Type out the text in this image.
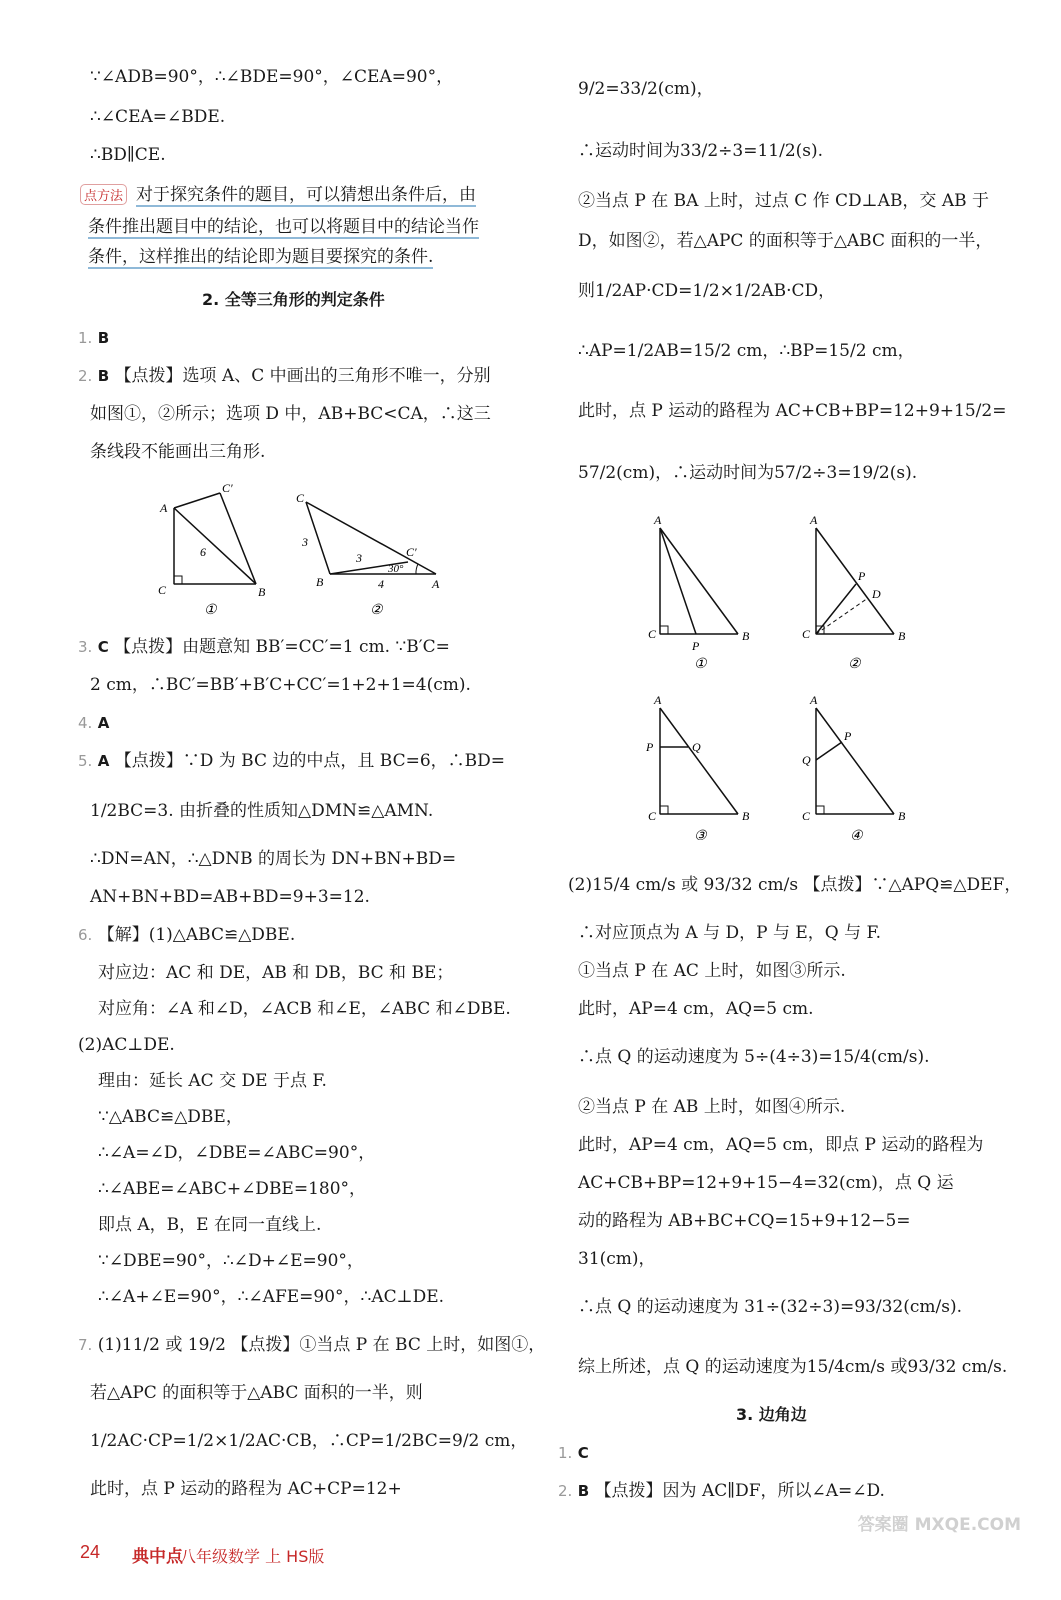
∵∠ADB=90°，∴∠BDE=90°，∠CEA=90°，
∴∠CEA=∠BDE.
∴BD∥CE.
点方法 对于探究条件的题目，可以猜想出条件后，由
条件推出题目中的结论，也可以将题目中的结论当作
条件，这样推出的结论即为题目要探究的条件.
2. 全等三角形的判定条件
1. B
2. B 【点拨】选项 A、C 中画出的三角形不唯一，分别
如图①，②所示；选项 D 中，AB+BC<CA，∴这三
条线段不能画出三角形.
A
C′
C	B
6
①
C
B	A
C′
3
3
4
30°
②
3. C 【点拨】由题意知 BB′=CC′=1 cm. ∵B′C=
2 cm，∴BC′=BB′+B′C+CC′=1+2+1=4(cm).
4. A
5. A 【点拨】∵D 为 BC 边的中点，且 BC=6，∴BD=
1/2BC=3. 由折叠的性质知△DMN≌△AMN.
∴DN=AN，∴△DNB 的周长为 DN+BN+BD=
AN+BN+BD=AB+BD=9+3=12.
6. 【解】(1)△ABC≌△DBE.
对应边：AC 和 DE，AB 和 DB，BC 和 BE；
对应角：∠A 和∠D，∠ACB 和∠E，∠ABC 和∠DBE.
(2)AC⊥DE.
理由：延长 AC 交 DE 于点 F.
∵△ABC≌△DBE，
∴∠A=∠D，∠DBE=∠ABC=90°，
∴∠ABE=∠ABC+∠DBE=180°，
即点 A，B，E 在同一直线上.
∵∠DBE=90°，∴∠D+∠E=90°，
∴∠A+∠E=90°，∴∠AFE=90°，∴AC⊥DE.
7. (1)11/2 或 19/2 【点拨】①当点 P 在 BC 上时，如图①，
若△APC 的面积等于△ABC 面积的一半，则
1/2AC·CP=1/2×1/2AC·CB，∴CP=1/2BC=9/2 cm，
此时，点 P 运动的路程为 AC+CP=12+
9/2=33/2(cm)，
∴运动时间为33/2÷3=11/2(s).
②当点 P 在 BA 上时，过点 C 作 CD⊥AB，交 AB 于
D，如图②，若△APC 的面积等于△ABC 面积的一半，
则1/2AP·CD=1/2×1/2AB·CD，
∴AP=1/2AB=15/2 cm，∴BP=15/2 cm，
此时，点 P 运动的路程为 AC+CB+BP=12+9+15/2=
57/2(cm)，∴运动时间为57/2÷3=19/2(s).
A
C	B
P
①
A
C	B
P
D
②
A
P	Q
C	B
③
A
P
Q
C	B
④
(2)15/4 cm/s 或 93/32 cm/s 【点拨】∵△APQ≌△DEF，
∴对应顶点为 A 与 D，P 与 E，Q 与 F.
①当点 P 在 AC 上时，如图③所示.
此时，AP=4 cm，AQ=5 cm.
∴点 Q 的运动速度为 5÷(4÷3)=15/4(cm/s).
②当点 P 在 AB 上时，如图④所示.
此时，AP=4 cm，AQ=5 cm，即点 P 运动的路程为
AC+CB+BP=12+9+15−4=32(cm)，点 Q 运
动的路程为 AB+BC+CQ=15+9+12−5=
31(cm)，
∴点 Q 的运动速度为 31÷(32÷3)=93/32(cm/s).
综上所述，点 Q 的运动速度为15/4cm/s 或93/32 cm/s.
3. 边角边
1. C
2. B 【点拨】因为 AC∥DF，所以∠A=∠D.
24 典中点
八年级数学 上 HS版
答案圈 MXQE.COM
